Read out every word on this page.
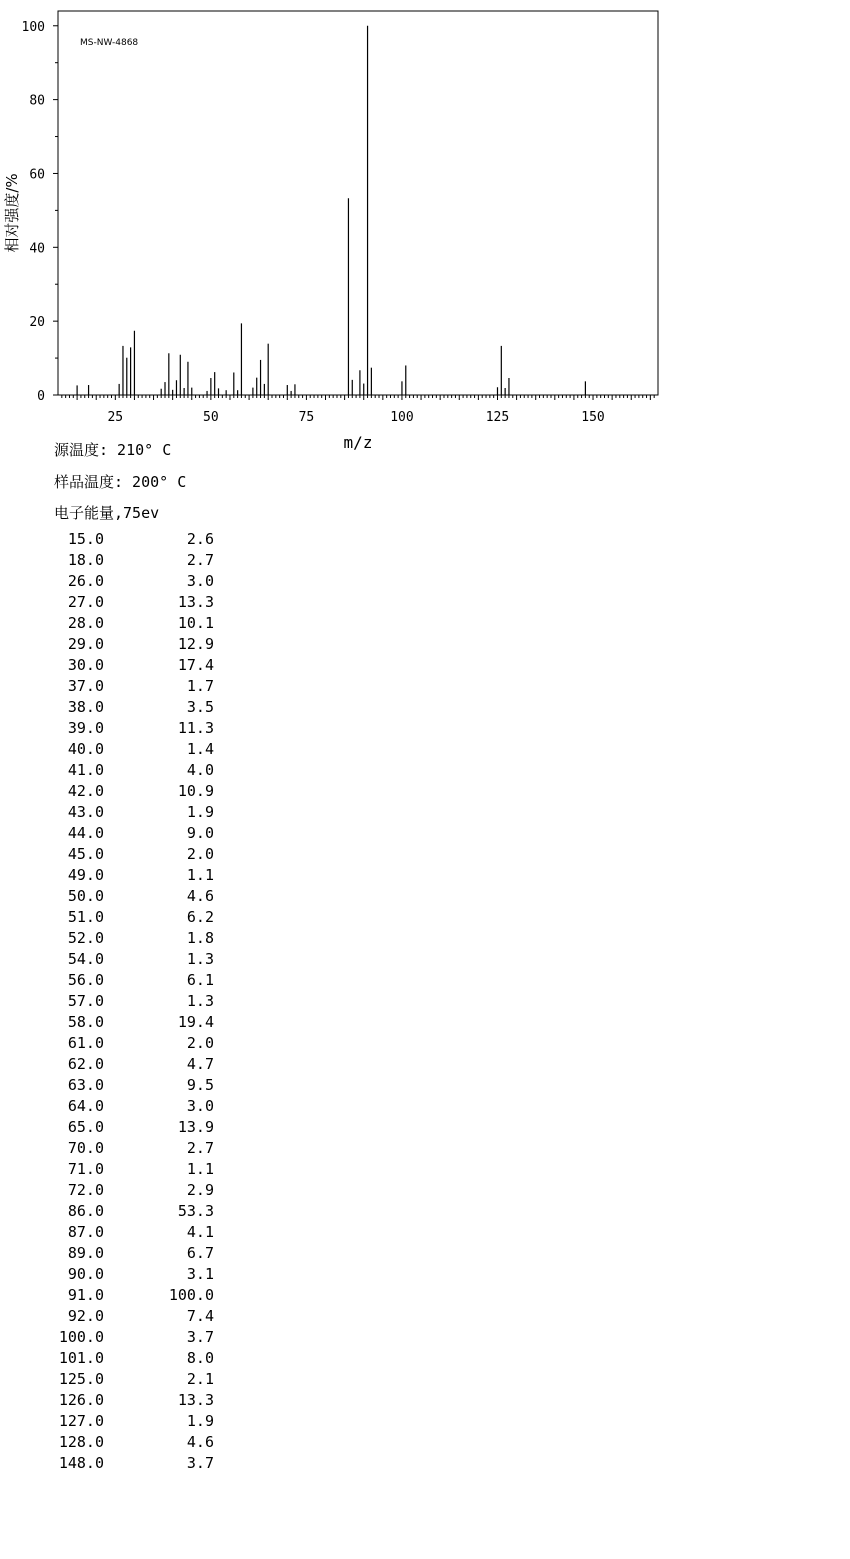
0
20
40
60
80
100
25	50	75	100	125	150
MS-NW-4868
m/z
相对强度/%
源温度: 210° C
样品温度: 200° C
电子能量,75ev
15.0	2.6
18.0	2.7
26.0	3.0
27.0	13.3
28.0	10.1
29.0	12.9
30.0	17.4
37.0	1.7
38.0	3.5
39.0	11.3
40.0	1.4
41.0	4.0
42.0	10.9
43.0	1.9
44.0	9.0
45.0	2.0
49.0	1.1
50.0	4.6
51.0	6.2
52.0	1.8
54.0	1.3
56.0	6.1
57.0	1.3
58.0	19.4
61.0	2.0
62.0	4.7
63.0	9.5
64.0	3.0
65.0	13.9
70.0	2.7
71.0	1.1
72.0	2.9
86.0	53.3
87.0	4.1
89.0	6.7
90.0	3.1
91.0	100.0
92.0	7.4
100.0	3.7
101.0	8.0
125.0	2.1
126.0	13.3
127.0	1.9
128.0	4.6
148.0	3.7
